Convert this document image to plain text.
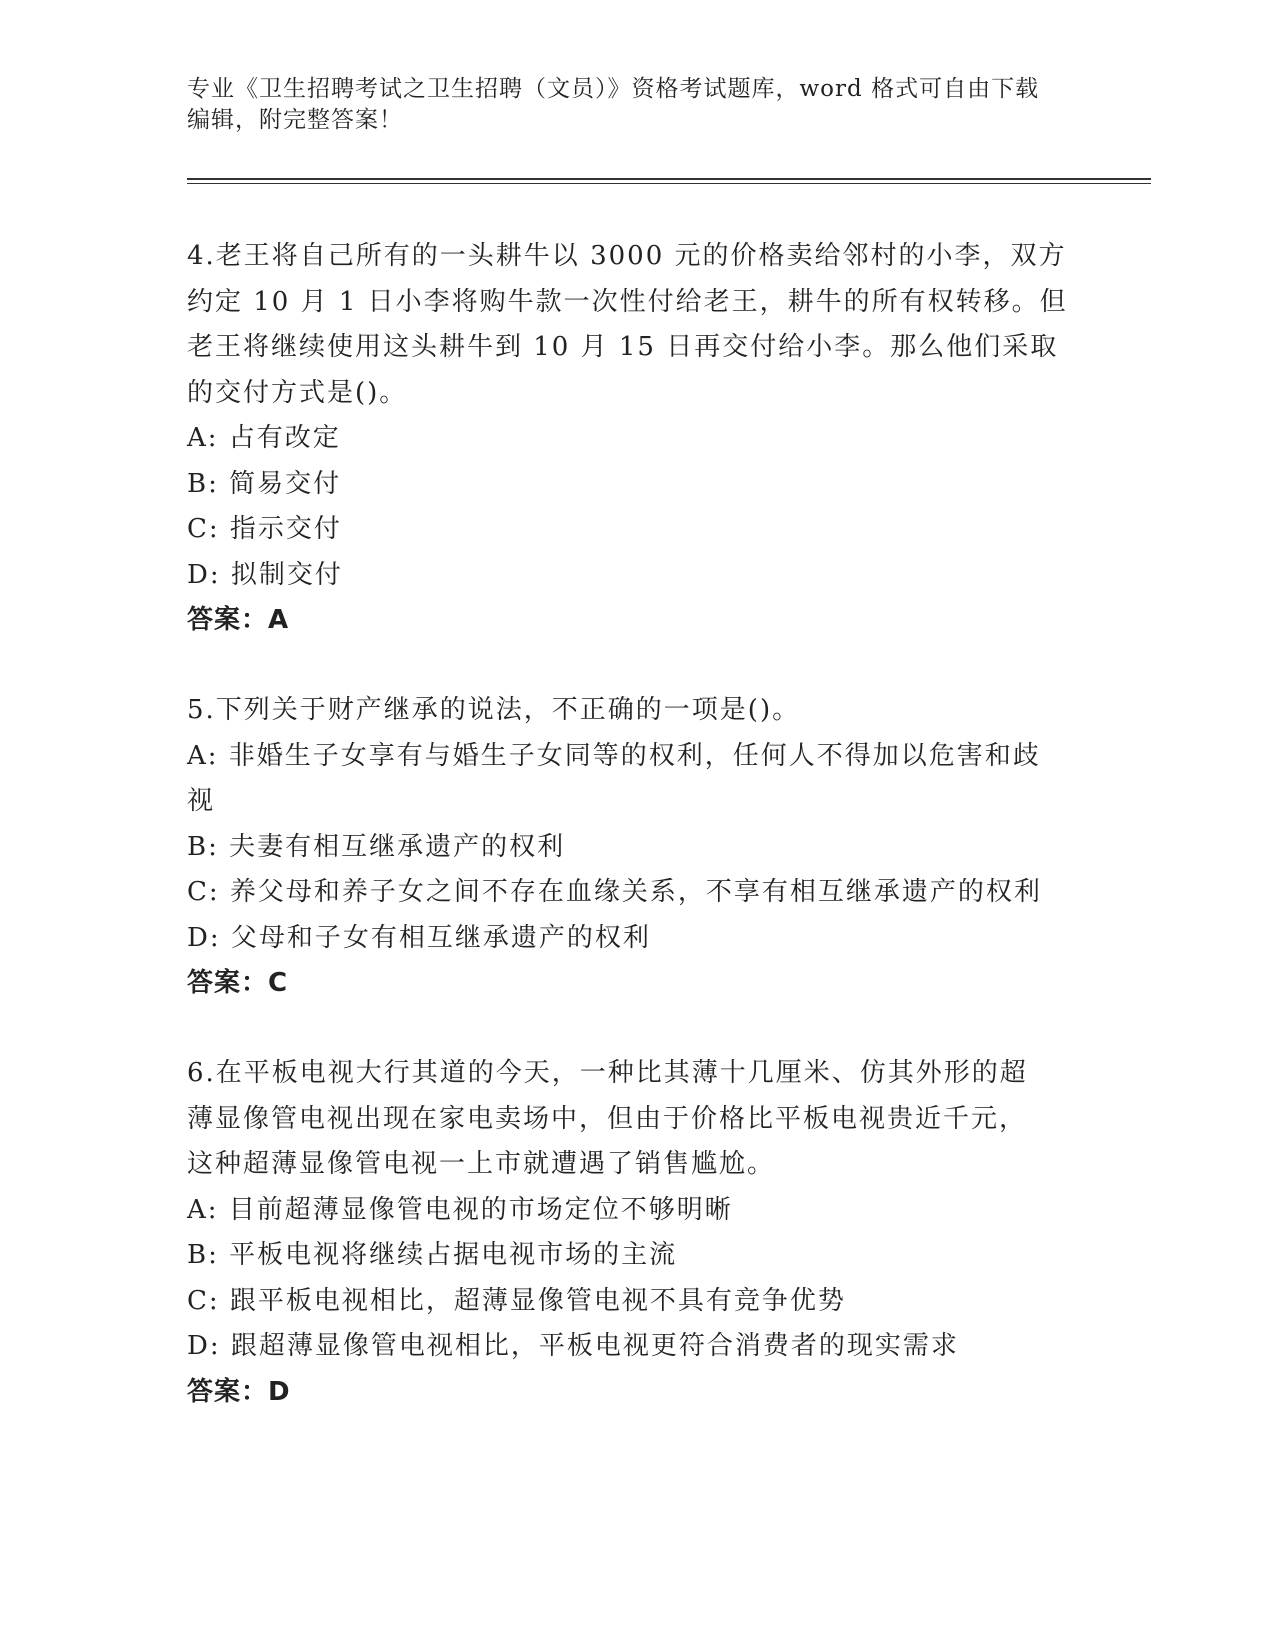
专业《卫生招聘考试之卫生招聘（文员）》资格考试题库，word 格式可自由下载
编辑，附完整答案！

4.老王将自己所有的一头耕牛以 3000 元的价格卖给邻村的小李，双方

约定 10 月 1 日小李将购牛款一次性付给老王，耕牛的所有权转移。但

老王将继续使用这头耕牛到 10 月 15 日再交付给小李。那么他们采取

的交付方式是()。

A: 占有改定

B: 简易交付

C: 指示交付

D: 拟制交付

答案：A

5.下列关于财产继承的说法，不正确的一项是()。

A: 非婚生子女享有与婚生子女同等的权利，任何人不得加以危害和歧

视

B: 夫妻有相互继承遗产的权利

C: 养父母和养子女之间不存在血缘关系，不享有相互继承遗产的权利

D: 父母和子女有相互继承遗产的权利

答案：C

6.在平板电视大行其道的今天，一种比其薄十几厘米、仿其外形的超

薄显像管电视出现在家电卖场中，但由于价格比平板电视贵近千元，

这种超薄显像管电视一上市就遭遇了销售尴尬。

A: 目前超薄显像管电视的市场定位不够明晰

B: 平板电视将继续占据电视市场的主流

C: 跟平板电视相比，超薄显像管电视不具有竞争优势

D: 跟超薄显像管电视相比，平板电视更符合消费者的现实需求

答案：D
